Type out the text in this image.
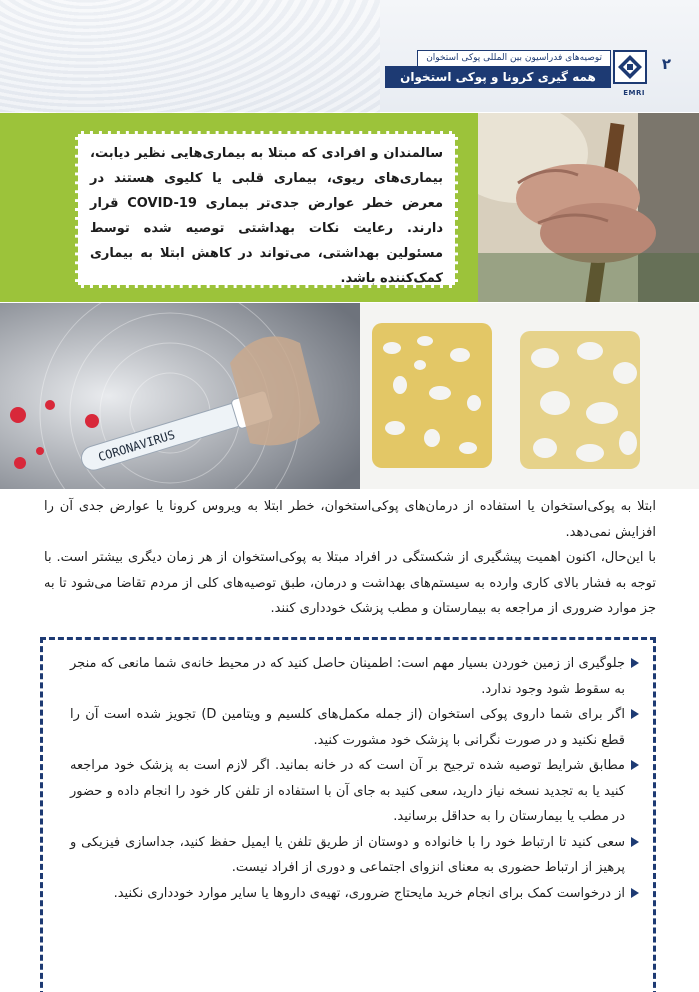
توصیه‌های فدراسیون بین المللی پوکی استخوان
همه گیری کرونا و پوکی استخوان
EMRI
۲
سالمندان و افرادی که مبتلا به بیماری‌هایی نظیر دیابت، بیماری‌های ریوی، بیماری قلبی یا کلیوی هستند در معرض خطر عوارض جدی‌تر بیماری COVID-19 قرار دارند. رعایت نکات بهداشتی توصیه شده توسط مسئولین بهداشتی، می‌تواند در کاهش ابتلا به بیماری کمک‌کننده باشد.
CORONAVIRUS

ابتلا به پوکی‌استخوان یا استفاده از درمان‌های پوکی‌استخوان، خطر ابتلا به ویروس کرونا یا عوارض جدی آن را افزایش نمی‌دهد.

با این‌حال، اکنون اهمیت پیشگیری از شکستگی در افراد مبتلا به پوکی‌استخوان از هر زمان دیگری بیشتر است. با توجه به فشار بالای کاری وارده به سیستم‌های بهداشت و درمان، طبق توصیه‌های کلی از مردم تقاضا می‌شود تا به جز موارد ضروری از مراجعه به بیمارستان و مطب پزشک خودداری کنند.

جلوگیری از زمین خوردن بسیار مهم است: اطمینان حاصل کنید که در محیط خانه‌ی شما مانعی که منجر به سقوط شود وجود ندارد.
اگر برای شما داروی پوکی استخوان (از جمله مکمل‌های کلسیم و ویتامین D) تجویز شده است آن را قطع نکنید و در صورت نگرانی با پزشک خود مشورت کنید.
مطابق شرایط توصیه شده ترجیح بر آن است که در خانه بمانید. اگر لازم است به پزشک خود مراجعه کنید یا به تجدید نسخه نیاز دارید، سعی کنید به جای آن با استفاده از تلفن کار خود را انجام داده و حضور در مطب یا بیمارستان را به حداقل برسانید.
سعی کنید تا ارتباط خود را با خانواده و دوستان از طریق تلفن یا ایمیل حفظ کنید، جداسازی فیزیکی و پرهیز از ارتباط حضوری به معنای انزوای اجتماعی و دوری از افراد نیست.
از درخواست کمک برای انجام خرید مایحتاج ضروری، تهیه‌ی داروها یا سایر موارد خودداری نکنید.
